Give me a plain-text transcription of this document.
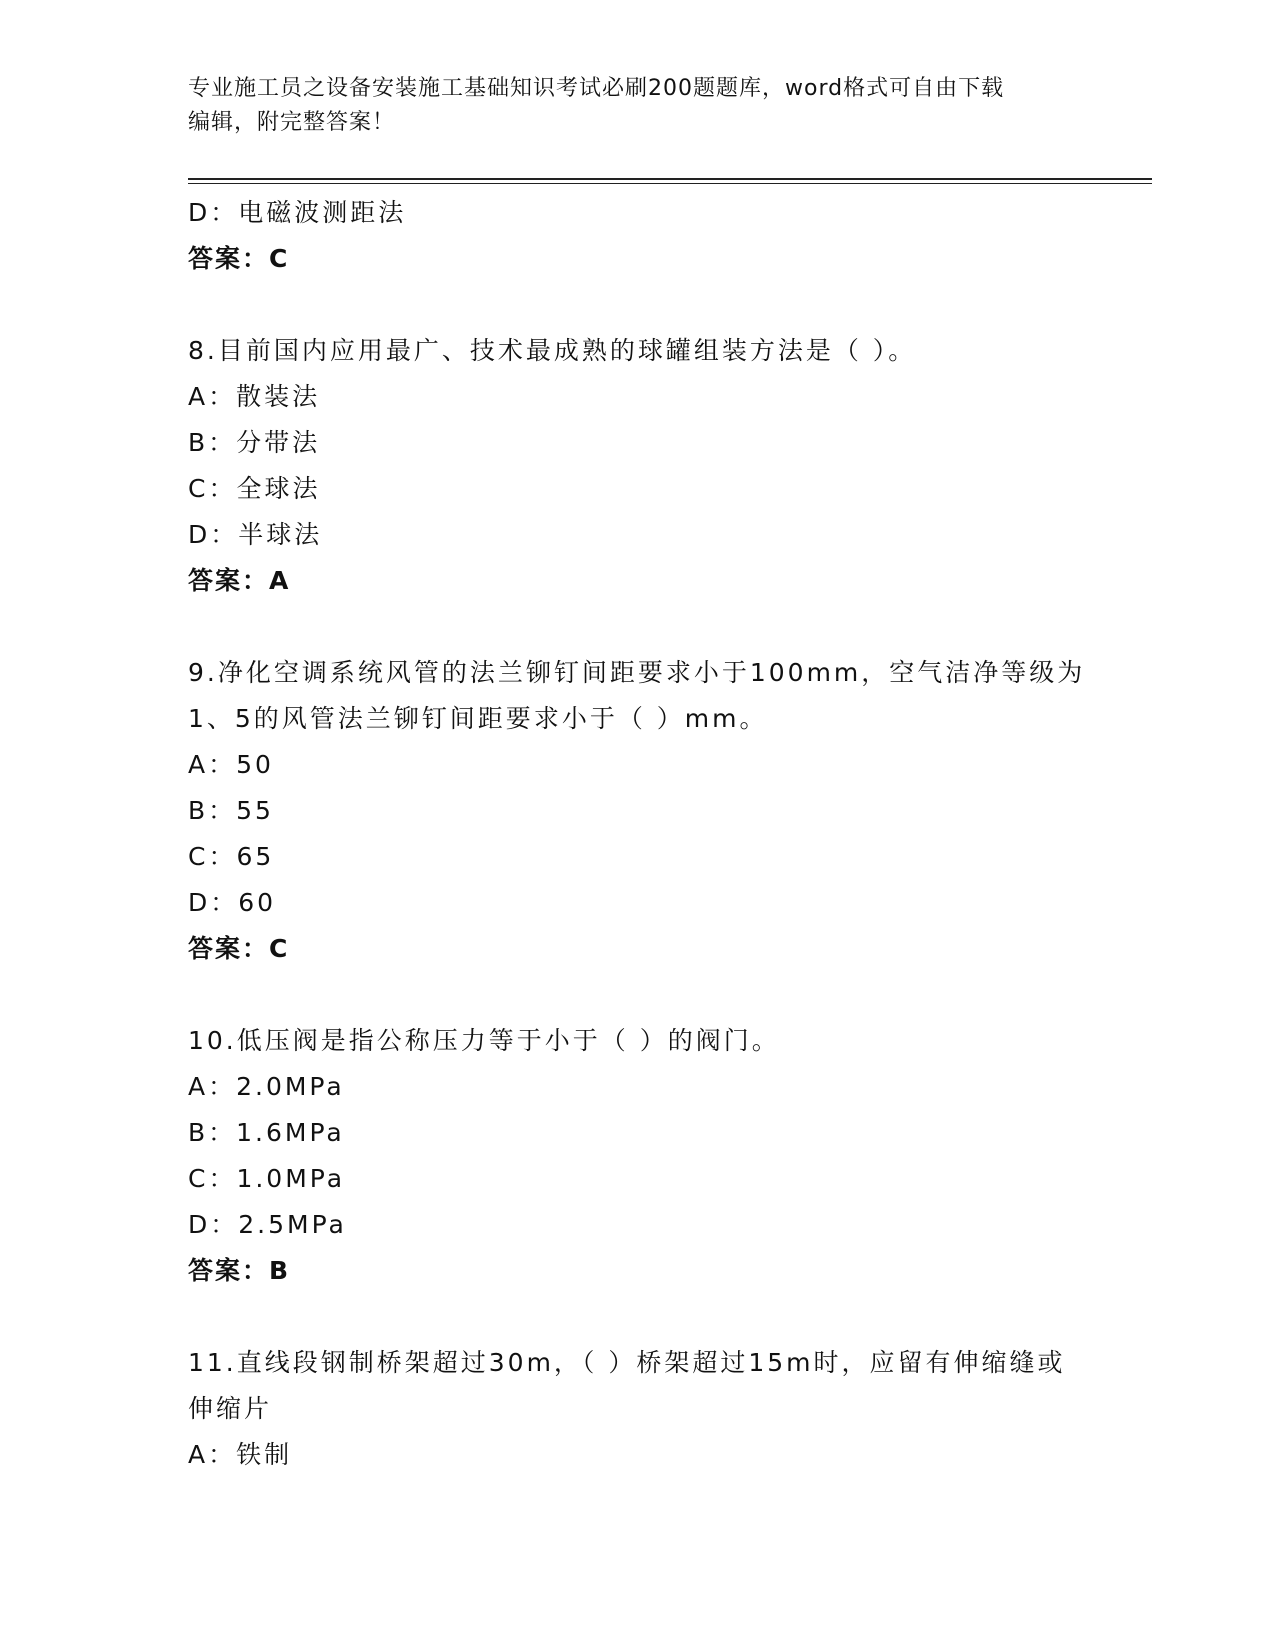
专业施工员之设备安装施工基础知识考试必刷200题题库，word格式可自由下载
编辑，附完整答案！
D：电磁波测距法
答案：C
8.目前国内应用最广、技术最成熟的球罐组装方法是（ ）。
A：散装法
B：分带法
C：全球法
D：半球法
答案：A
9.净化空调系统风管的法兰铆钉间距要求小于100mm，空气洁净等级为
1、5的风管法兰铆钉间距要求小于（ ）mm。
A：50
B：55
C：65
D：60
答案：C
10.低压阀是指公称压力等于小于（ ）的阀门。
A：2.0MPa
B：1.6MPa
C：1.0MPa
D：2.5MPa
答案：B
11.直线段钢制桥架超过30m，（ ）桥架超过15m时，应留有伸缩缝或
伸缩片
A：铁制
